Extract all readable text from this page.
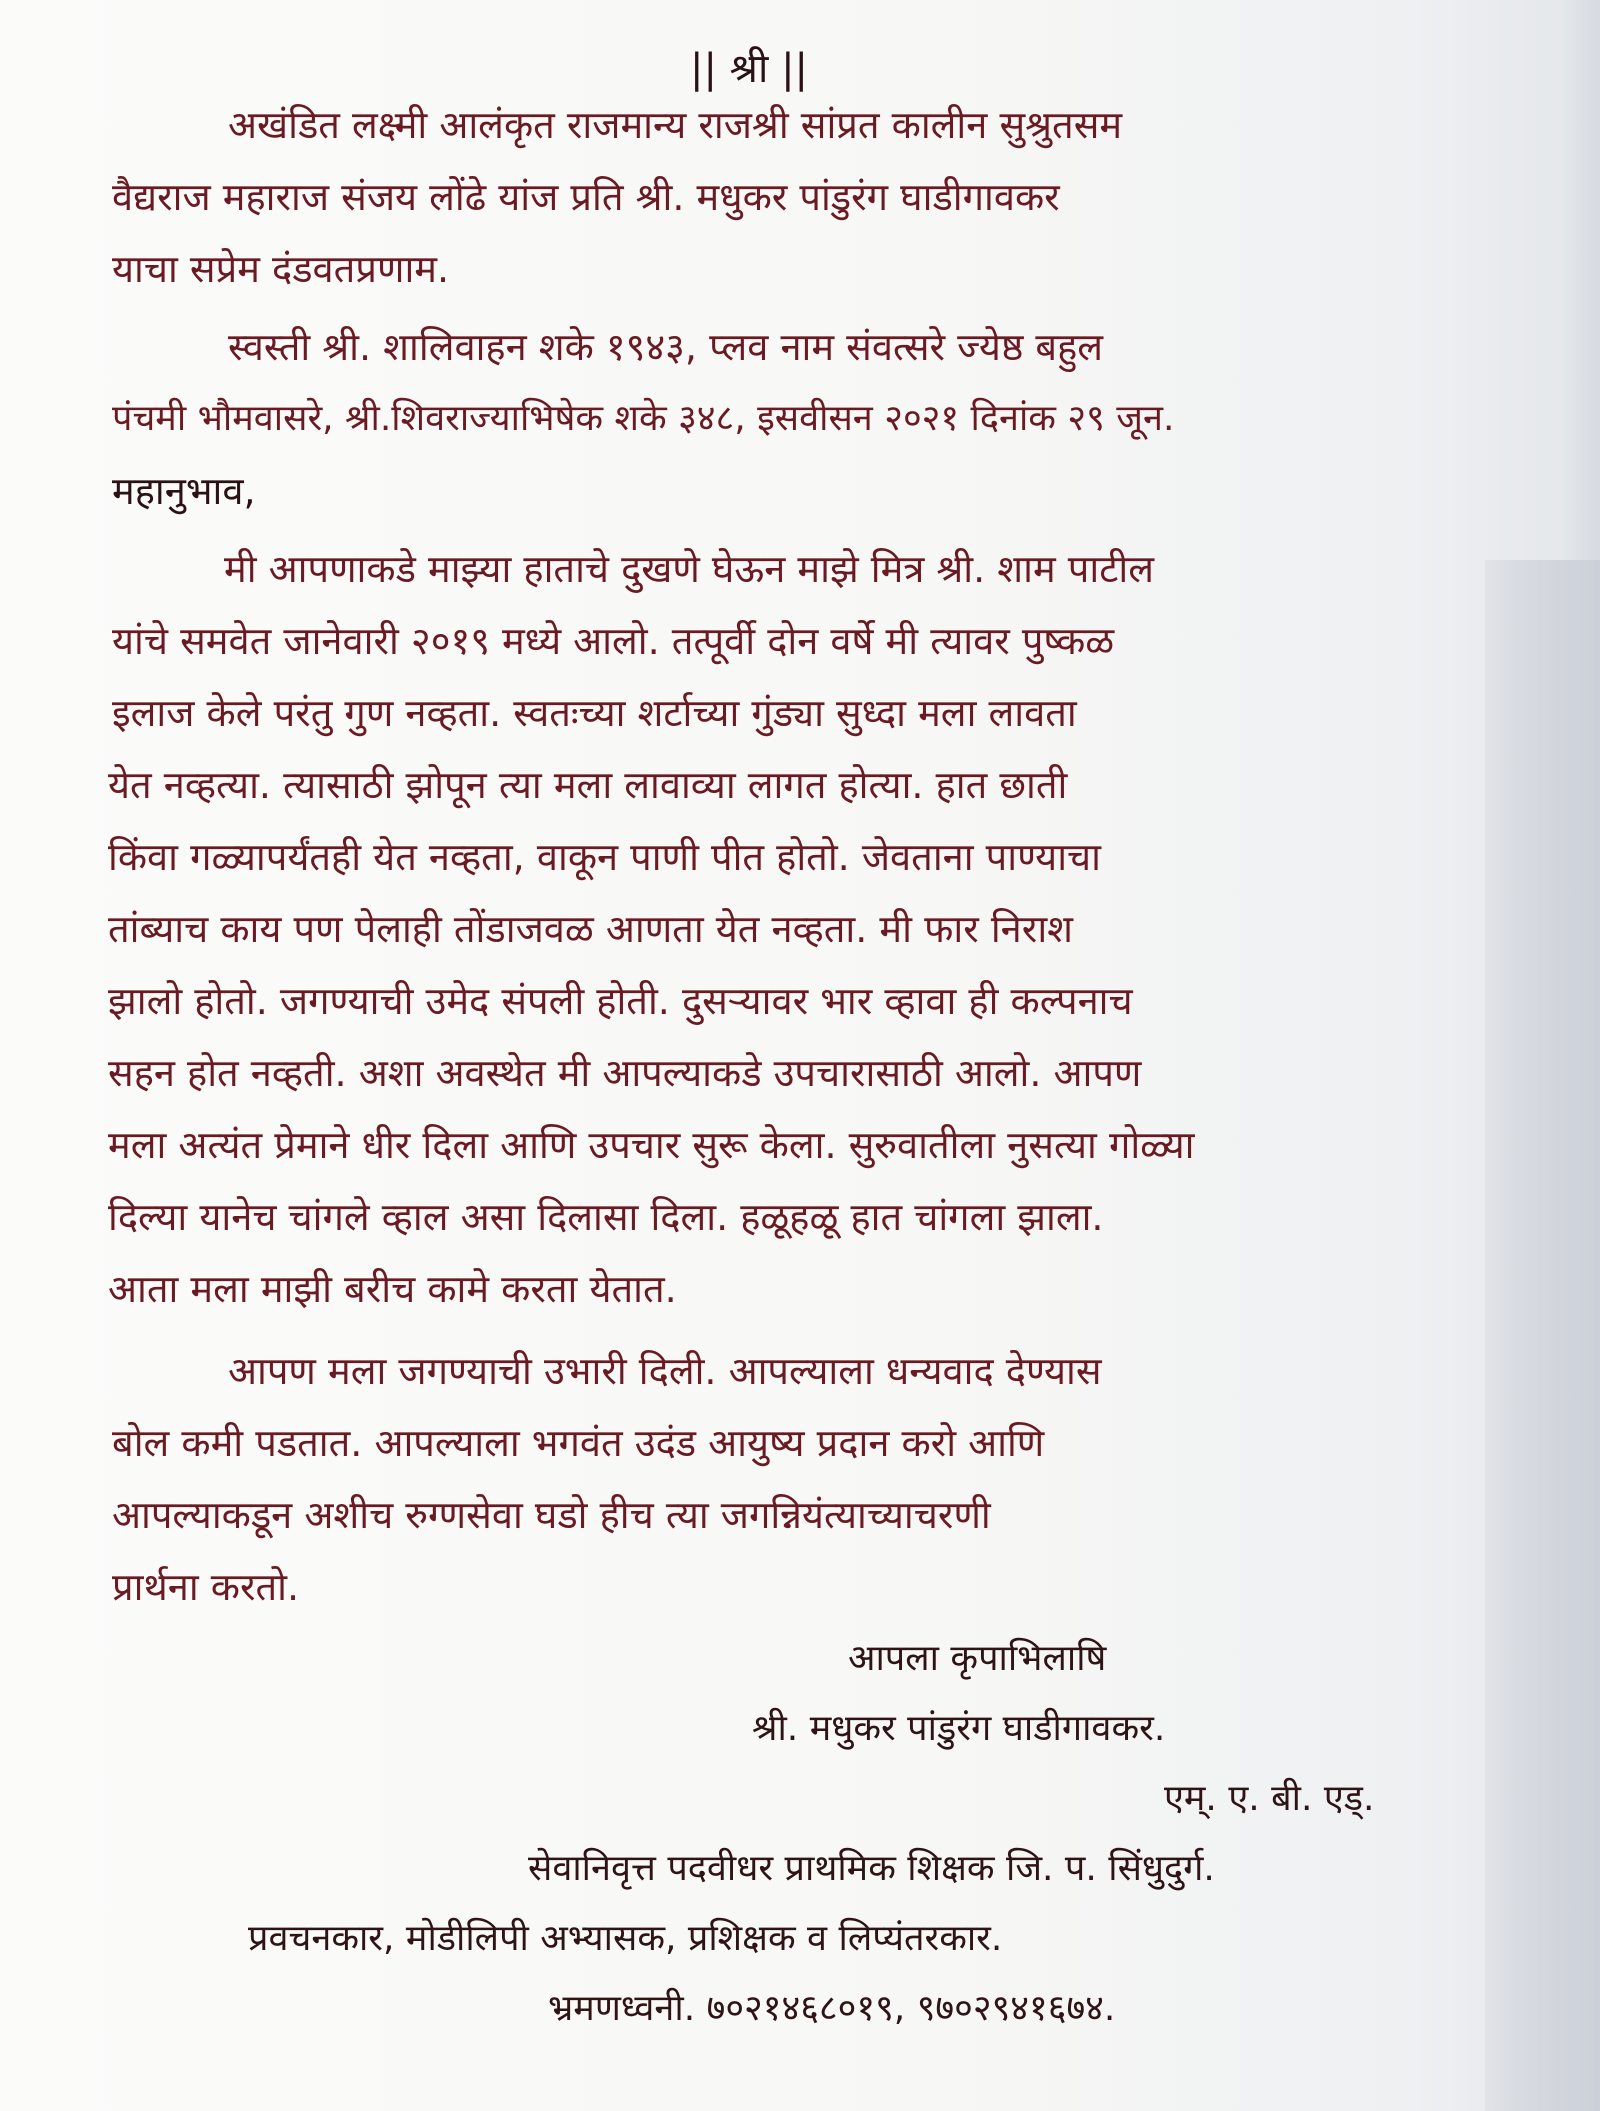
|| श्री ||
अखंडित लक्ष्मी आलंकृत राजमान्य राजश्री सांप्रत कालीन सुश्रुतसम
वैद्यराज महाराज संजय लोंढे यांज प्रति श्री. मधुकर पांडुरंग घाडीगावकर
याचा सप्रेम दंडवतप्रणाम.
स्वस्ती श्री. शालिवाहन शके १९४३, प्लव नाम संवत्सरे ज्येष्ठ बहुल
पंचमी भौमवासरे, श्री.शिवराज्याभिषेक शके ३४८, इसवीसन २०२१ दिनांक २९ जून.
महानुभाव,
मी आपणाकडे माझ्या हाताचे दुखणे घेऊन माझे मित्र श्री. शाम पाटील
यांचे समवेत जानेवारी २०१९ मध्ये आलो. तत्पूर्वी दोन वर्षे मी त्यावर पुष्कळ
इलाज केले परंतु गुण नव्हता. स्वतःच्या शर्टाच्या गुंड्या सुध्दा मला लावता
येत नव्हत्या. त्यासाठी झोपून त्या मला लावाव्या लागत होत्या. हात छाती
किंवा गळ्यापर्यंतही येत नव्हता, वाकून पाणी पीत होतो. जेवताना पाण्याचा
तांब्याच काय पण पेलाही तोंडाजवळ आणता येत नव्हता. मी फार निराश
झालो होतो. जगण्याची उमेद संपली होती. दुसऱ्यावर भार व्हावा ही कल्पनाच
सहन होत नव्हती. अशा अवस्थेत मी आपल्याकडे उपचारासाठी आलो. आपण
मला अत्यंत प्रेमाने धीर दिला आणि उपचार सुरू केला. सुरुवातीला नुसत्या गोळ्या
दिल्या यानेच चांगले व्हाल असा दिलासा दिला. हळूहळू हात चांगला झाला.
आता मला माझी बरीच कामे करता येतात.
आपण मला जगण्याची उभारी दिली. आपल्याला धन्यवाद देण्यास
बोल कमी पडतात. आपल्याला भगवंत उदंड आयुष्य प्रदान करो आणि
आपल्याकडून अशीच रुग्णसेवा घडो हीच त्या जगन्नियंत्याच्याचरणी
प्रार्थना करतो.
आपला कृपाभिलाषि
श्री. मधुकर पांडुरंग घाडीगावकर.
एम्. ए. बी. एड्.
सेवानिवृत्त पदवीधर प्राथमिक शिक्षक जि. प. सिंधुदुर्ग.
प्रवचनकार, मोडीलिपी अभ्यासक, प्रशिक्षक व लिप्यंतरकार.
भ्रमणध्वनी. ७०२१४६८०१९, ९७०२९४१६७४.
